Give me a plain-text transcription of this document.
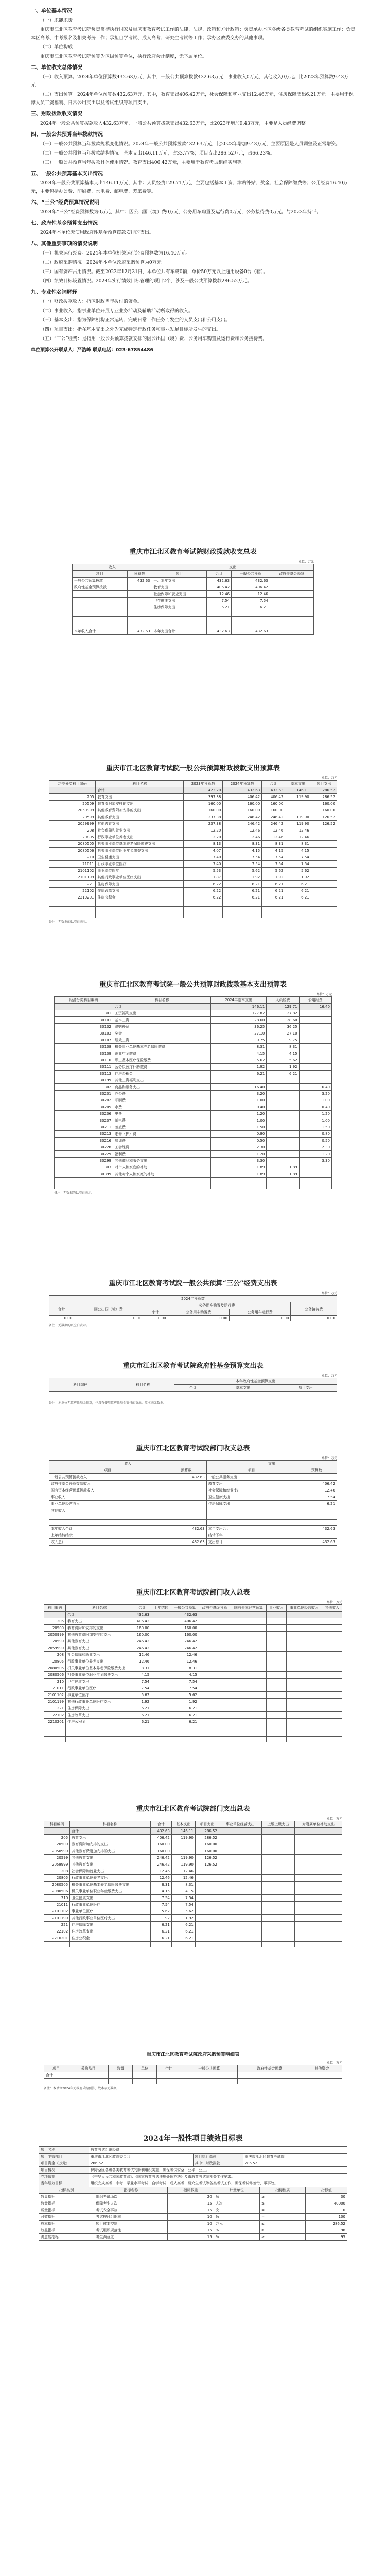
一、单位基本情况

（一）职能职责

重庆市江北区教育考试院负责贯彻执行国家及重庆市教育考试工作的法律、法规、政策和方针政策；负责承办本区各级各类教育考试的组织实施工作；负责本区高考、中考报名及相关考务工作；承担自学考试、成人高考、研究生考试等工作；承办区教委交办的其他事项。

（二）单位构成

重庆市江北区教育考试院预算为区级预算单位，执行政府会计制度，无下属单位。

二、单位收支总体情况

（一）收入预算。2024年单位预算数432.63万元，其中，一般公共预算拨款432.63万元，事业收入0万元，其他收入0万元。比2023年预算数9.43万元。

（二）支出预算。2024年单位预算数432.63万元，其中，教育支出406.42万元，社会保障和就业支出12.46万元，住房保障支出6.21万元。主要用于保障人员工资福利、日常公用支出以及考试组织等项目支出。

三、财政拨款收支情况

2024年一般公共预算拨款收入432.63万元，一般公共预算拨款支出432.63万元，比2023年增加9.43万元，主要是人员经费调整。

四、一般公共预算当年拨款情况

（一）一般公共预算当年拨款规模变化情况。2024年一般公共预算拨款432.63万元，比2023年增加9.43万元，主要原因是人员调整及正常增资。

（二）一般公共预算当年拨款结构情况。基本支出146.11万元，占33.77%；项目支出286.52万元，占66.23%。

（三）一般公共预算当年拨款具体使用情况。教育支出406.42万元，主要用于教育考试组织实施等。

五、一般公共预算基本支出情况

2024年一般公共预算基本支出146.11万元，其中：人员经费129.71万元，主要包括基本工资、津贴补贴、奖金、社会保障缴费等；公用经费16.40万元，主要包括办公费、印刷费、水电费、邮电费、差旅费等。

六、“三公”经费预算情况说明

2024年“三公”经费预算数为0万元，其中：因公出国（境）费0万元，公务用车购置及运行费0万元，公务接待费0万元。与2023年持平。

七、政府性基金预算支出情况

2024年本单位无使用政府性基金预算拨款安排的支出。

八、其他重要事项的情况说明

（一）机关运行经费。2024年本单位机关运行经费预算数为16.40万元。

（二）政府采购情况。2024年本单位政府采购预算为0万元。

（三）国有资产占用情况。截至2023年12月31日，本单位共有车辆0辆，单价50万元以上通用设备0台（套）。

（四）绩效目标设置情况。2024年实行绩效目标管理的项目2个，涉及一般公共预算拨款286.52万元。

九、专业性名词解释

（一）财政拨款收入：指区财政当年拨付的资金。

（二）事业收入：指事业单位开展专业业务活动及辅助活动所取得的收入。

（三）基本支出：指为保障机构正常运转、完成日常工作任务而发生的人员支出和公用支出。

（四）项目支出：指在基本支出之外为完成特定行政任务和事业发展目标所发生的支出。

（五）“三公”经费：是指用一般公共预算拨款安排的因公出国（境）费、公务用车购置及运行费和公务接待费。

单位预算公开联系人：严浩峰 联系电话：023-67854486
重庆市江北区教育考试院财政拨款收支总表
单位：万元
收入		支出			
项目	预算数	项目	合计	一般公共预算	政府性基金预算
一般公共预算拨款	432.63	一、本年支出	432.63	432.63	
政府性基金预算拨款		教育支出	406.42	406.42	
		社会保障和就业支出	12.46	12.46	
		卫生健康支出	7.54	7.54	
		住房保障支出	6.21	6.21	

本年收入合计	432.63	本年支出合计	432.63	432.63	
重庆市江北区教育考试院一般公共预算财政拨款支出预算表
单位：万元
功能分类科目编码	科目名称	2023年预算数	2024年预算数	合计	基本支出	项目支出
	合计	423.20	432.63	432.63	146.11	286.52
205	教育支出	397.38	406.42	406.42	119.90	286.52
20509	教育费附加安排的支出	160.00	160.00	160.00		160.00
2050999	其他教育费附加安排的支出	160.00	160.00	160.00		160.00
20599	其他教育支出	237.38	246.42	246.42	119.90	126.52
2059999	其他教育支出	237.38	246.42	246.42	119.90	126.52
208	社会保障和就业支出	12.20	12.46	12.46	12.46	
20805	行政事业单位养老支出	12.20	12.46	12.46	12.46	
2080505	机关事业单位基本养老保险缴费支出	8.13	8.31	8.31	8.31	
2080506	机关事业单位职业年金缴费支出	4.07	4.15	4.15	4.15	
210	卫生健康支出	7.40	7.54	7.54	7.54	
21011	行政事业单位医疗	7.40	7.54	7.54	7.54	
2101102	事业单位医疗	5.53	5.62	5.62	5.62	
2101199	其他行政事业单位医疗支出	1.87	1.92	1.92	1.92	
221	住房保障支出	6.22	6.21	6.21	6.21	
22102	住房改革支出	6.22	6.21	6.21	6.21	
2210201	住房公积金	6.22	6.21	6.21	6.21	

备注：无数据的以空白表示。
重庆市江北区教育考试院一般公共预算财政拨款基本支出预算表
单位：万元
经济分类科目编码	科目名称	2024年基本支出	人员经费	公用经费
	合计	146.11	129.71	16.40
301	工资福利支出	127.82	127.82	
30101	基本工资	28.60	28.60	
30102	津贴补贴	36.25	36.25	
30103	奖金	27.10	27.10	
30107	绩效工资	9.75	9.75	
30108	机关事业单位基本养老保险缴费	8.31	8.31	
30109	职业年金缴费	4.15	4.15	
30110	职工基本医疗保险缴费	5.62	5.62	
30111	公务员医疗补助缴费	1.92	1.92	
30113	住房公积金	6.21	6.21	
30199	其他工资福利支出			
302	商品和服务支出	16.40		16.40
30201	办公费	3.20		3.20
30202	印刷费	1.00		1.00
30205	水费	0.40		0.40
30206	电费	1.20		1.20
30207	邮电费	1.00		1.00
30211	差旅费	1.50		1.50
30213	维修（护）费	0.80		0.80
30216	培训费	0.50		0.50
30228	工会经费	2.30		2.30
30229	福利费	1.20		1.20
30299	其他商品和服务支出	3.30		3.30
303	对个人和家庭的补助	1.89	1.89	
30399	其他对个人和家庭的补助	1.89	1.89	

备注：无数据的以空白表示。
重庆市江北区教育考试院一般公共预算“三公”经费支出表
单位：万元
2024年预算数					
合计	因公出国（境）费	公务用车购置及运行费			公务接待费
		小计	公务用车购置费	公务用车运行费	
0.00	0.00	0.00	0.00	0.00	0.00
备注：无数据的以空白表示。
重庆市江北区教育考试院政府性基金预算支出表
单位：万元
科目编码	科目名称	本年政府性基金预算支出		
		合计	基本支出	项目支出

备注：本单位无政府性基金预算，也没有使用政府性基金安排的支出，故本表无数据。
重庆市江北区教育考试院部门收支总表
单位：万元
收入		支出	
项目	预算数	项目	预算数
一般公共预算拨款收入	432.63	一般公共服务支出	
政府性基金预算拨款收入		教育支出	406.42
国有资本经营预算拨款收入		社会保障和就业支出	12.46
事业收入		卫生健康支出	7.54
事业单位经营收入		住房保障支出	6.21
其他收入			

本年收入合计	432.63	本年支出合计	432.63
上年结转结余		结转下年	
收入总计	432.63	支出总计	432.63
重庆市江北区教育考试院部门收入总表
单位：万元
科目编码	科目名称	合计	上年结转	一般公共预算	政府性基金预算	国有资本经营预算	事业收入	事业单位经营收入	其他收入
	合计	432.63		432.63					
205	教育支出	406.42		406.42					
20509	教育费附加安排的支出	160.00		160.00					
2050999	其他教育费附加安排的支出	160.00		160.00					
20599	其他教育支出	246.42		246.42					
2059999	其他教育支出	246.42		246.42					
208	社会保障和就业支出	12.46		12.46					
20805	行政事业单位养老支出	12.46		12.46					
2080505	机关事业单位基本养老保险缴费支出	8.31		8.31					
2080506	机关事业单位职业年金缴费支出	4.15		4.15					
210	卫生健康支出	7.54		7.54					
21011	行政事业单位医疗	7.54		7.54					
2101102	事业单位医疗	5.62		5.62					
2101199	其他行政事业单位医疗支出	1.92		1.92					
221	住房保障支出	6.21		6.21					
22102	住房改革支出	6.21		6.21					
2210201	住房公积金	6.21		6.21					

重庆市江北区教育考试院部门支出总表
单位：万元
科目编码	科目名称	合计	基本支出	项目支出	事业单位经营支出	上缴上级支出	对附属单位补助支出
	合计	432.63	146.11	286.52			
205	教育支出	406.42	119.90	286.52			
20509	教育费附加安排的支出	160.00		160.00			
2050999	其他教育费附加安排的支出	160.00		160.00			
20599	其他教育支出	246.42	119.90	126.52			
2059999	其他教育支出	246.42	119.90	126.52			
208	社会保障和就业支出	12.46	12.46				
20805	行政事业单位养老支出	12.46	12.46				
2080505	机关事业单位基本养老保险缴费支出	8.31	8.31				
2080506	机关事业单位职业年金缴费支出	4.15	4.15				
210	卫生健康支出	7.54	7.54				
21011	行政事业单位医疗	7.54	7.54				
2101102	事业单位医疗	5.62	5.62				
2101199	其他行政事业单位医疗支出	1.92	1.92				
221	住房保障支出	6.21	6.21				
22102	住房改革支出	6.21	6.21				
2210201	住房公积金	6.21	6.21				

重庆市江北区教育考试院政府采购预算明细表
单位：万元
项目	采购品目	数量	单位	合计	一般公共预算	政府性基金预算	其他资金
合计							

备注：本单位2024年无政府采购预算，故本表无数据。
2024年一般性项目绩效目标表
项目名称	教育考试组织经费		
项目主管部门	重庆市江北区教育委员会	项目执行单位	重庆市江北区教育考试院
项目资金（万元）	286.52	其中：财政拨款	286.52
项目概况	保障全区各级各类教育考试的顺利组织实施，确保考试安全、公平、公正。		
立项依据	《中华人民共和国教育法》、《国家教育考试违规处理办法》及市教育考试院相关工作要求。		
当年绩效目标	组织完成高考、中考、学业水平考试、自学考试、成人高考、研究生考试等各类考试工作，确保考试零差错、零事故。		
指标类别	指标名称	指标权重	计量单位	指标性质	指标值
数量指标	组织考试场次	20	场	≥	30
数量指标	保障考生人次	15	人次	≥	40000
质量指标	考试安全事故	15	次	=	0
时效指标	考试按时组织率	10	%	=	100
成本指标	项目成本控制	10	万元	≤	286.52
效益指标	考试组织规范性	15	%	≥	98
满意度指标	考生满意度	15	%	≥	95
